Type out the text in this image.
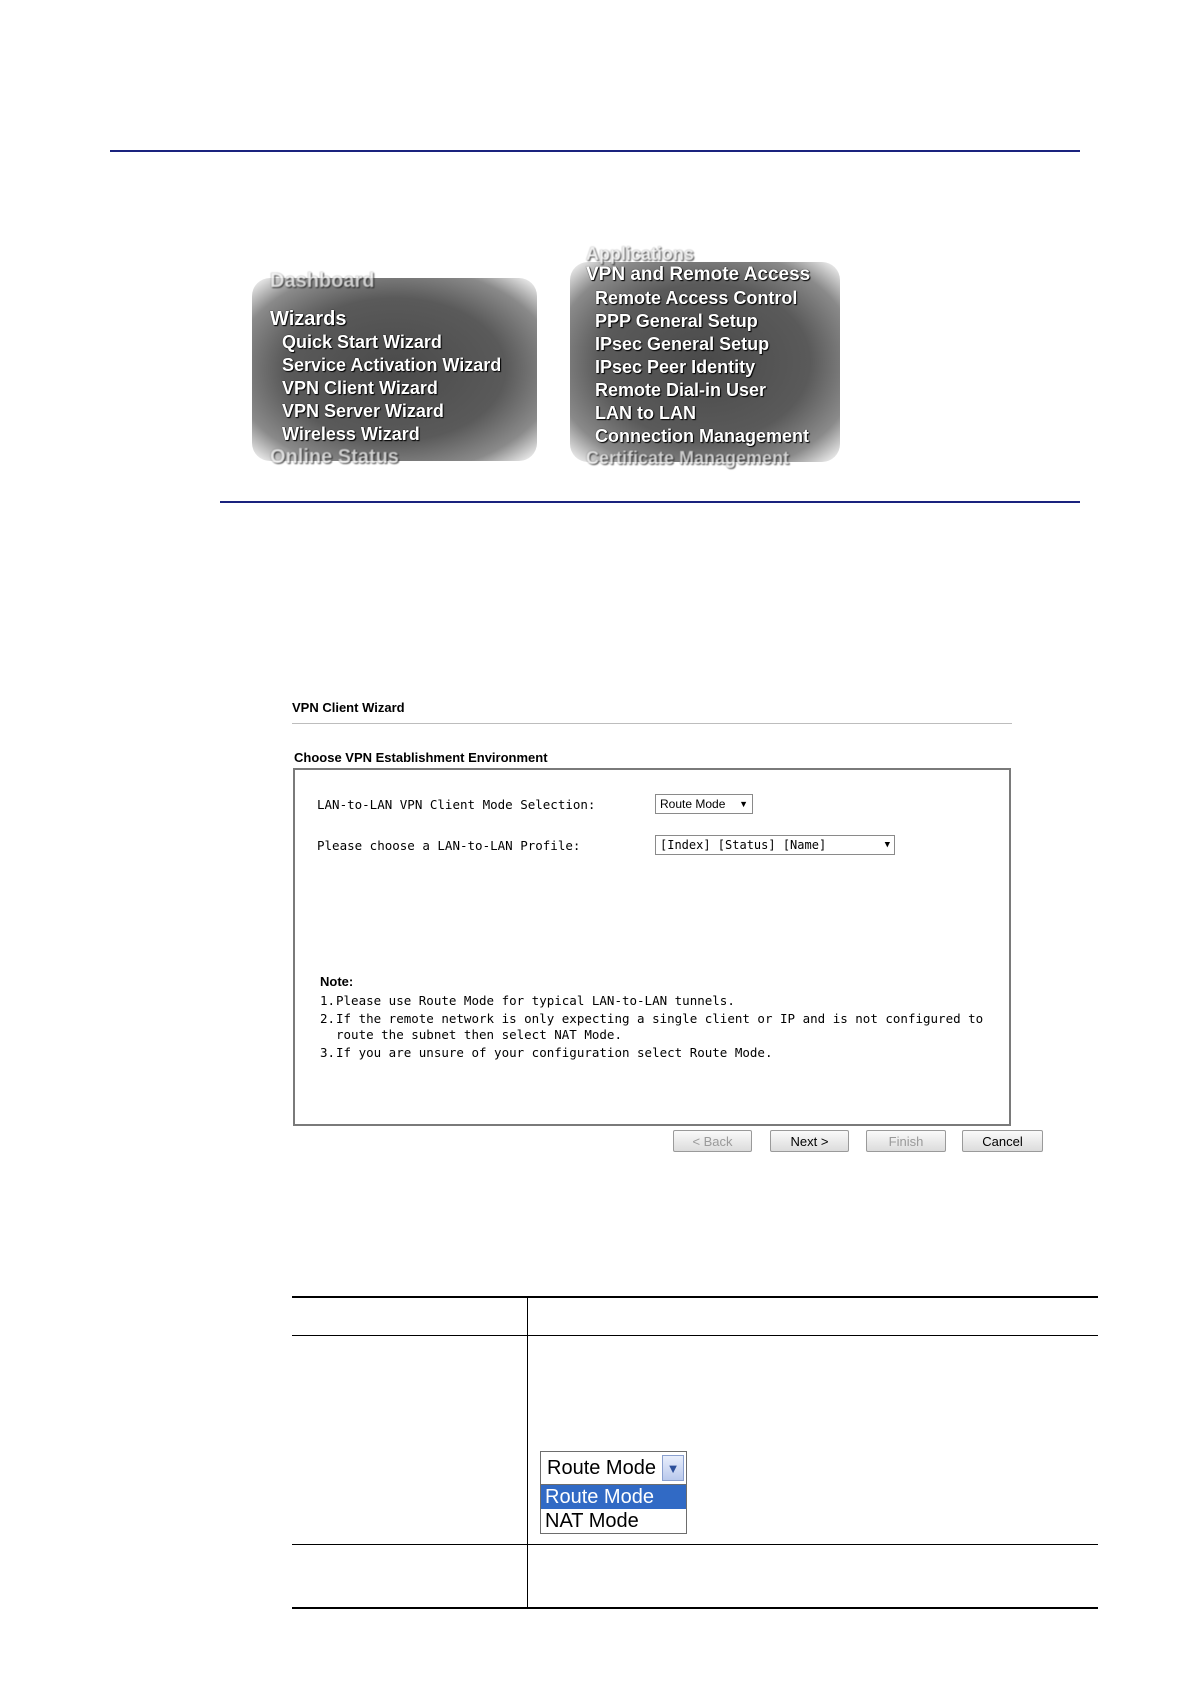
Dashboard
Wizards
Quick Start Wizard
Service Activation Wizard
VPN Client Wizard
VPN Server Wizard
Wireless Wizard
Online Status
Applications
VPN and Remote Access
Remote Access Control
PPP General Setup
IPsec General Setup
IPsec Peer Identity
Remote Dial-in User
LAN to LAN
Connection Management
Certificate Management
VPN Client Wizard
Choose VPN Establishment Environment
LAN-to-LAN VPN Client Mode Selection:	Route Mode ▼
Please choose a LAN-to-LAN Profile:	[Index] [Status] [Name]	▼
Note:
1. Please use Route Mode for typical LAN-to-LAN tunnels.
2. If the remote network is only expecting a single client or IP and is not configured to route the subnet then select NAT Mode.
3. If you are unsure of your configuration select Route Mode.
< Back	Next >	Finish	Cancel
Route Mode ▼
Route Mode
NAT Mode
